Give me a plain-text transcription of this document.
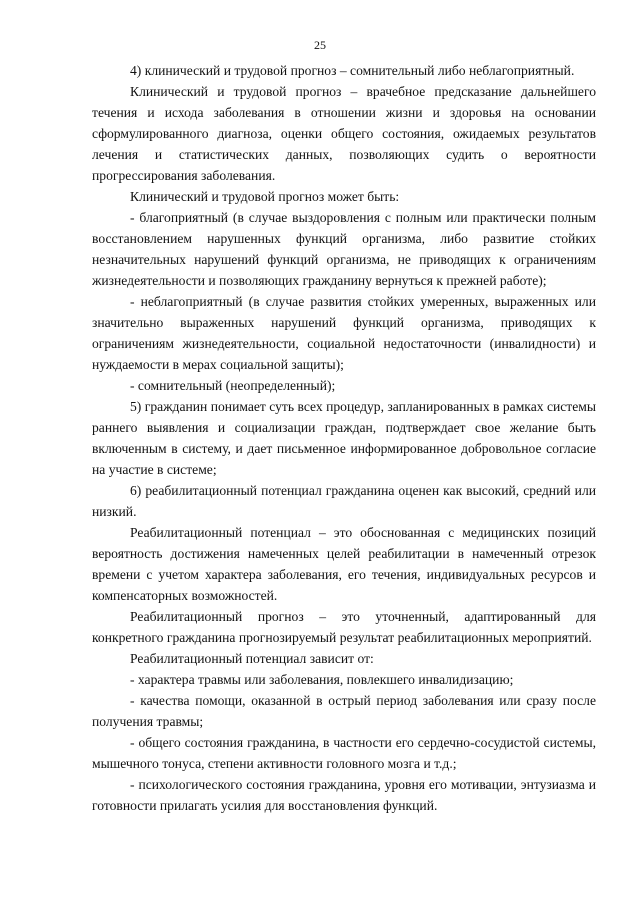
25

4) клинический и трудовой прогноз – сомнительный либо неблагоприятный.

Клинический и трудовой прогноз – врачебное предсказание дальнейшего течения и исхода заболевания в отношении жизни и здоровья на основании сформулированного диагноза, оценки общего состояния, ожидаемых результатов лечения и статистических данных, позволяющих судить о вероятности прогрессирования заболевания.

Клинический и трудовой прогноз может быть:

- благоприятный (в случае выздоровления с полным или практически полным восстановлением нарушенных функций организма, либо развитие стойких незначительных нарушений функций организма, не приводящих к ограничениям жизнедеятельности и позволяющих гражданину вернуться к прежней работе);

- неблагоприятный (в случае развития стойких умеренных, выраженных или значительно выраженных нарушений функций организма, приводящих к ограничениям жизнедеятельности, социальной недостаточности (инвалидности) и нуждаемости в мерах социальной защиты);

- сомнительный (неопределенный);

5) гражданин понимает суть всех процедур, запланированных в рамках системы раннего выявления и социализации граждан, подтверждает свое желание быть включенным в систему, и дает письменное информированное добровольное согласие на участие в системе;

6) реабилитационный потенциал гражданина оценен как высокий, средний или низкий.

Реабилитационный потенциал – это обоснованная с медицинских позиций вероятность достижения намеченных целей реабилитации в намеченный отрезок времени с учетом характера заболевания, его течения, индивидуальных ресурсов и компенсаторных возможностей.

Реабилитационный прогноз – это уточненный, адаптированный для конкретного гражданина прогнозируемый результат реабилитационных мероприятий.

Реабилитационный потенциал зависит от:

- характера травмы или заболевания, повлекшего инвалидизацию;

- качества помощи, оказанной в острый период заболевания или сразу после получения травмы;

- общего состояния гражданина, в частности его сердечно-сосудистой системы, мышечного тонуса, степени активности головного мозга и т.д.;

- психологического состояния гражданина, уровня его мотивации, энтузиазма и готовности прилагать усилия для восстановления функций.
